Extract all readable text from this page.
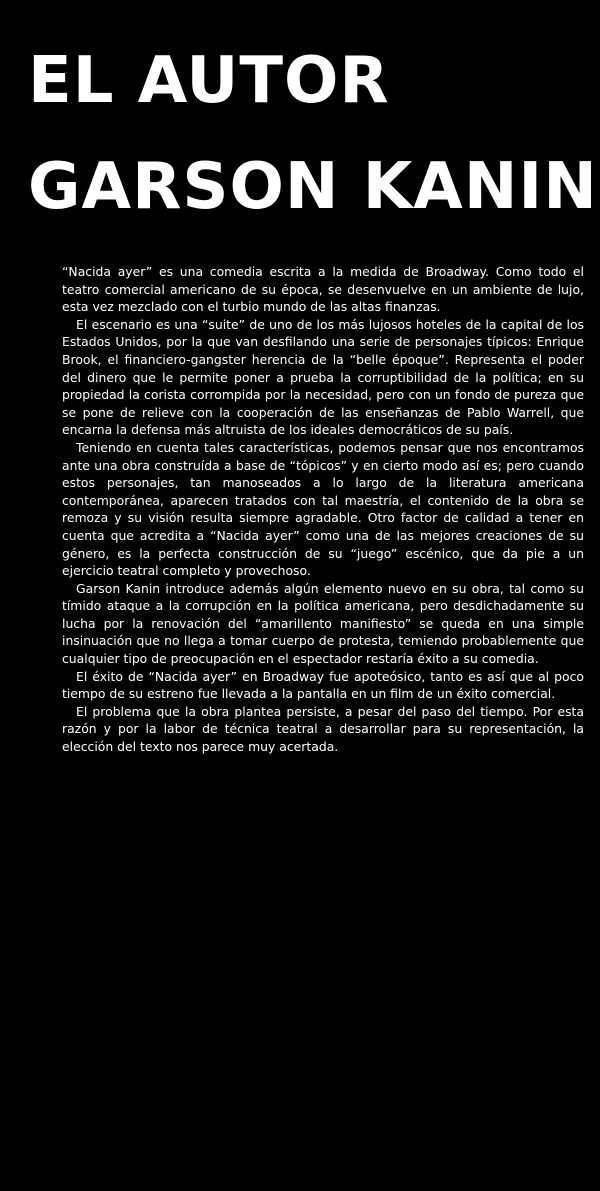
EL AUTOR
GARSON KANIN

“Nacida ayer” es una comedia escrita a la medida de Broadway. Como todo el teatro comercial americano de su época, se desenvuelve en un ambiente de lujo, esta vez mezclado con el turbio mundo de las altas finanzas.

El escenario es una “suite” de uno de los más lujosos hoteles de la capital de los Estados Unidos, por la que van desfilando una serie de personajes típicos: Enrique Brook, el financiero-gangster herencia de la “belle époque”. Representa el poder del dinero que le permite poner a prueba la corruptibilidad de la política; en su propiedad la corista corrompida por la necesidad, pero con un fondo de pureza que se pone de relieve con la cooperación de las enseñanzas de Pablo Warrell, que encarna la defensa más altruista de los ideales democráticos de su país.

Teniendo en cuenta tales características, podemos pensar que nos encontramos ante una obra construída a base de “tópicos” y en cierto modo así es; pero cuando estos personajes, tan manoseados a lo largo de la literatura americana contemporánea, aparecen tratados con tal maestría, el contenido de la obra se remoza y su visión resulta siempre agradable. Otro factor de calidad a tener en cuenta que acredita a “Nacida ayer” como una de las mejores creaciones de su género, es la perfecta construcción de su “juego” escénico, que da pie a un ejercicio teatral completo y provechoso.

Garson Kanin introduce además algún elemento nuevo en su obra, tal como su tímido ataque a la corrupción en la política americana, pero desdichadamente su lucha por la renovación del “amarillento manifiesto” se queda en una simple insinuación que no llega a tomar cuerpo de protesta, temiendo probablemente que cualquier tipo de preocupación en el espectador restaría éxito a su comedia.

El éxito de “Nacida ayer” en Broadway fue apoteósico, tanto es así que al poco tiempo de su estreno fue llevada a la pantalla en un film de un éxito comercial.

El problema que la obra plantea persiste, a pesar del paso del tiempo. Por esta razón y por la labor de técnica teatral a desarrollar para su representación, la elección del texto nos parece muy acertada.
